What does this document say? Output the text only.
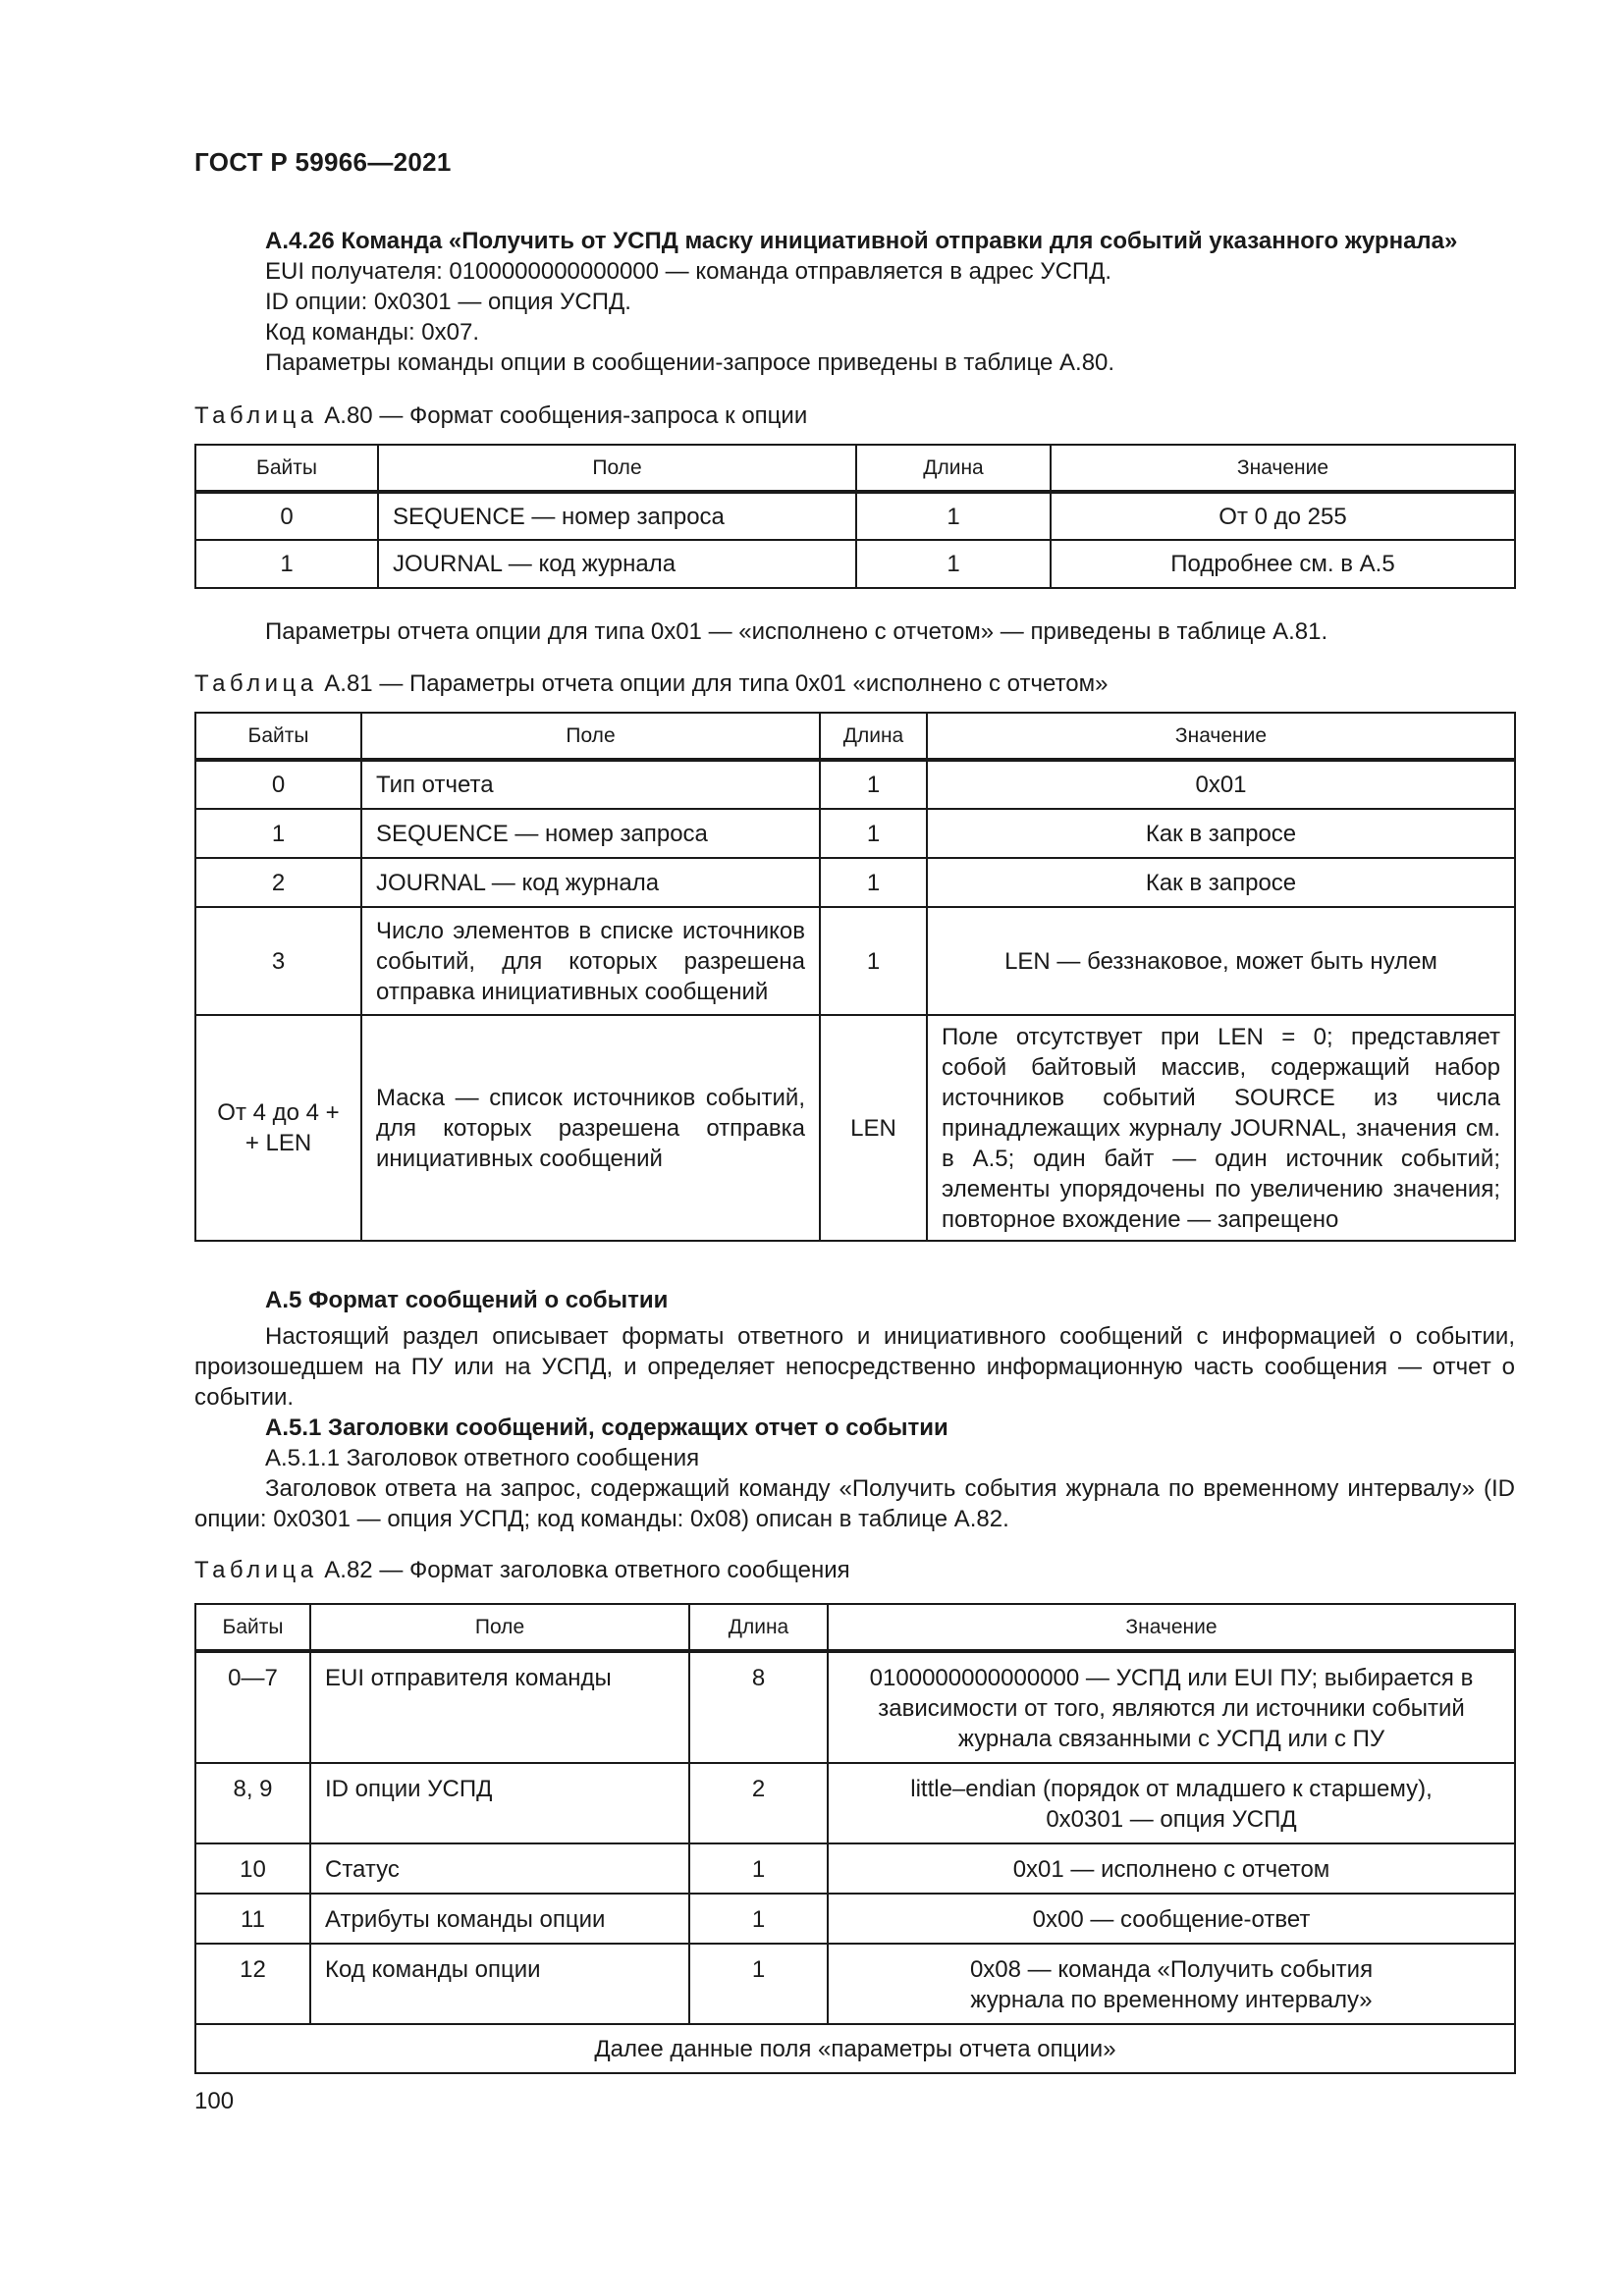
ГОСТ Р 59966—2021

А.4.26 Команда «Получить от УСПД маску инициативной отправки для событий указанного журнала»

EUI получателя: 0100000000000000 — команда отправляется в адрес УСПД.

ID опции: 0x0301 — опция УСПД.

Код команды: 0x07.

Параметры команды опции в сообщении-запросе приведены в таблице А.80.

Таблица А.80 — Формат сообщения-запроса к опции
Байты	Поле	Длина	Значение
0	SEQUENCE — номер запроса	1	От 0 до 255
1	JOURNAL — код журнала	1	Подробнее см. в А.5

Параметры отчета опции для типа 0x01 — «исполнено с отчетом» — приведены в таблице А.81.

Таблица А.81 — Параметры отчета опции для типа 0x01 «исполнено с отчетом»
Байты	Поле	Длина	Значение
0	Тип отчета	1	0x01
1	SEQUENCE — номер запроса	1	Как в запросе
2	JOURNAL — код журнала	1	Как в запросе
3	Число элементов в списке источников событий, для которых разрешена отправка инициативных сообщений	1	LEN — беззнаковое, может быть нулем
От 4 до 4 + + LEN	Маска — список источников событий, для которых разрешена отправка инициативных сообщений	LEN	Поле отсутствует при LEN = 0; представляет собой байтовый массив, содержащий набор источников событий SOURCE из числа принадлежащих журналу JOURNAL, значения см. в А.5; один байт — один источник событий; элементы упорядочены по увеличению значения; повторное вхождение — запрещено

А.5 Формат сообщений о событии

Настоящий раздел описывает форматы ответного и инициативного сообщений с информацией о событии, произошедшем на ПУ или на УСПД, и определяет непосредственно информационную часть сообщения — отчет о событии.

А.5.1 Заголовки сообщений, содержащих отчет о событии

А.5.1.1 Заголовок ответного сообщения

Заголовок ответа на запрос, содержащий команду «Получить события журнала по временному интервалу» (ID опции: 0x0301 — опция УСПД; код команды: 0x08) описан в таблице А.82.

Таблица А.82 — Формат заголовка ответного сообщения
Байты	Поле	Длина	Значение
0—7	EUI отправителя команды	8	0100000000000000 — УСПД или EUI ПУ; выбирается в зависимости от того, являются ли источники событий журнала связанными с УСПД или с ПУ
8, 9	ID опции УСПД	2	little–endian (порядок от младшего к старшему), 0x0301 — опция УСПД
10	Статус	1	0x01 — исполнено с отчетом
11	Атрибуты команды опции	1	0x00 — сообщение-ответ
12	Код команды опции	1	0x08 — команда «Получить события журнала по временному интервалу»
Далее данные поля «параметры отчета опции»			
100
